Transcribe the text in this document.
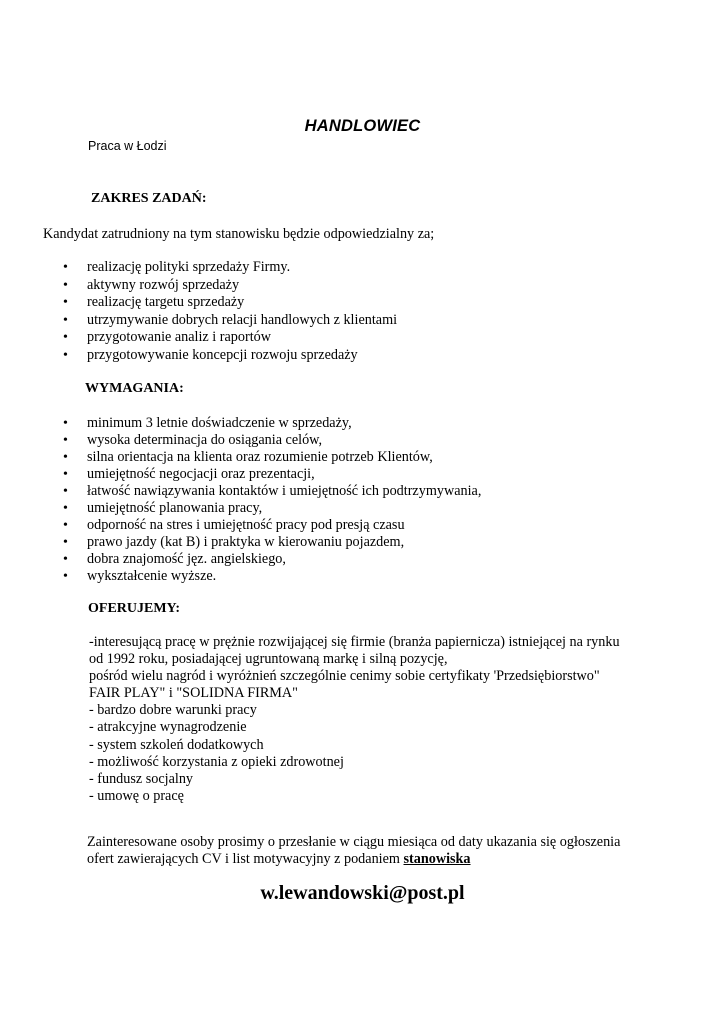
HANDLOWIEC
Praca w Łodzi
ZAKRES ZADAŃ:
Kandydat zatrudniony na tym stanowisku będzie odpowiedzialny za;
• realizację polityki sprzedaży Firmy.
• aktywny rozwój sprzedaży
• realizację targetu sprzedaży
• utrzymywanie dobrych relacji handlowych z klientami
• przygotowanie analiz i raportów
• przygotowywanie koncepcji rozwoju sprzedaży
WYMAGANIA:
• minimum 3 letnie doświadczenie w sprzedaży,
• wysoka determinacja do osiągania celów,
• silna orientacja na klienta oraz rozumienie potrzeb Klientów,
• umiejętność negocjacji oraz prezentacji,
• łatwość nawiązywania kontaktów i umiejętność ich podtrzymywania,
• umiejętność planowania pracy,
• odporność na stres i umiejętność pracy pod presją czasu
• prawo jazdy (kat B) i praktyka w kierowaniu pojazdem,
• dobra znajomość jęz. angielskiego,
• wykształcenie wyższe.
OFERUJEMY:

-interesującą pracę w prężnie rozwijającej się firmie (branża papiernicza) istniejącej na rynku

od 1992 roku, posiadającej ugruntowaną markę i silną pozycję,

pośród wielu nagród i wyróżnień szczególnie cenimy sobie certyfikaty 'Przedsiębiorstwo"

FAIR PLAY" i "SOLIDNA FIRMA"

- bardzo dobre warunki pracy

- atrakcyjne wynagrodzenie

- system szkoleń dodatkowych

- możliwość korzystania z opieki zdrowotnej

- fundusz socjalny

- umowę o pracę

Zainteresowane osoby prosimy o przesłanie w ciągu miesiąca od daty ukazania się ogłoszenia
ofert zawierających CV i list motywacyjny z podaniem stanowiska
w.lewandowski@post.pl
